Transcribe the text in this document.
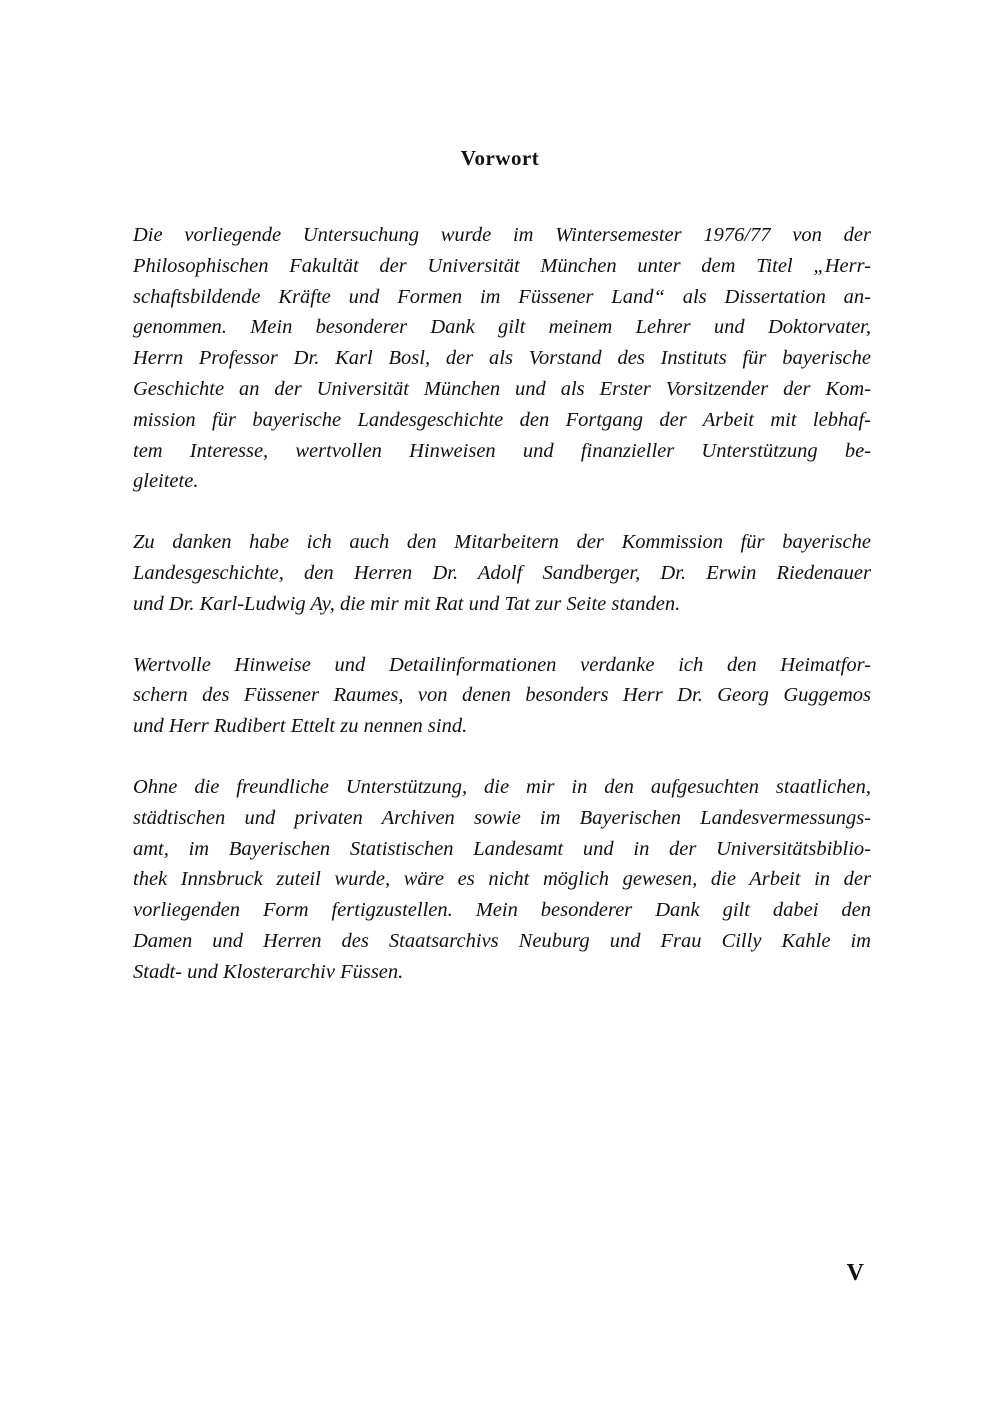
Vorwort

Die vorliegende Untersuchung wurde im Wintersemester 1976/77 von der
Philosophischen Fakultät der Universität München unter dem Titel „Herr-
schaftsbildende Kräfte und Formen im Füssener Land“ als Dissertation an-
genommen. Mein besonderer Dank gilt meinem Lehrer und Doktorvater,
Herrn Professor Dr. Karl Bosl, der als Vorstand des Instituts für bayerische
Geschichte an der Universität München und als Erster Vorsitzender der Kom-
mission für bayerische Landesgeschichte den Fortgang der Arbeit mit lebhaf-
tem Interesse, wertvollen Hinweisen und finanzieller Unterstützung be-
gleitete.

Zu danken habe ich auch den Mitarbeitern der Kommission für bayerische
Landesgeschichte, den Herren Dr. Adolf Sandberger, Dr. Erwin Riedenauer
und Dr. Karl-Ludwig Ay, die mir mit Rat und Tat zur Seite standen.

Wertvolle Hinweise und Detailinformationen verdanke ich den Heimatfor-
schern des Füssener Raumes, von denen besonders Herr Dr. Georg Guggemos
und Herr Rudibert Ettelt zu nennen sind.

Ohne die freundliche Unterstützung, die mir in den aufgesuchten staatlichen,
städtischen und privaten Archiven sowie im Bayerischen Landesvermessungs-
amt, im Bayerischen Statistischen Landesamt und in der Universitätsbiblio-
thek Innsbruck zuteil wurde, wäre es nicht möglich gewesen, die Arbeit in der
vorliegenden Form fertigzustellen. Mein besonderer Dank gilt dabei den
Damen und Herren des Staatsarchivs Neuburg und Frau Cilly Kahle im
Stadt- und Klosterarchiv Füssen.

V
